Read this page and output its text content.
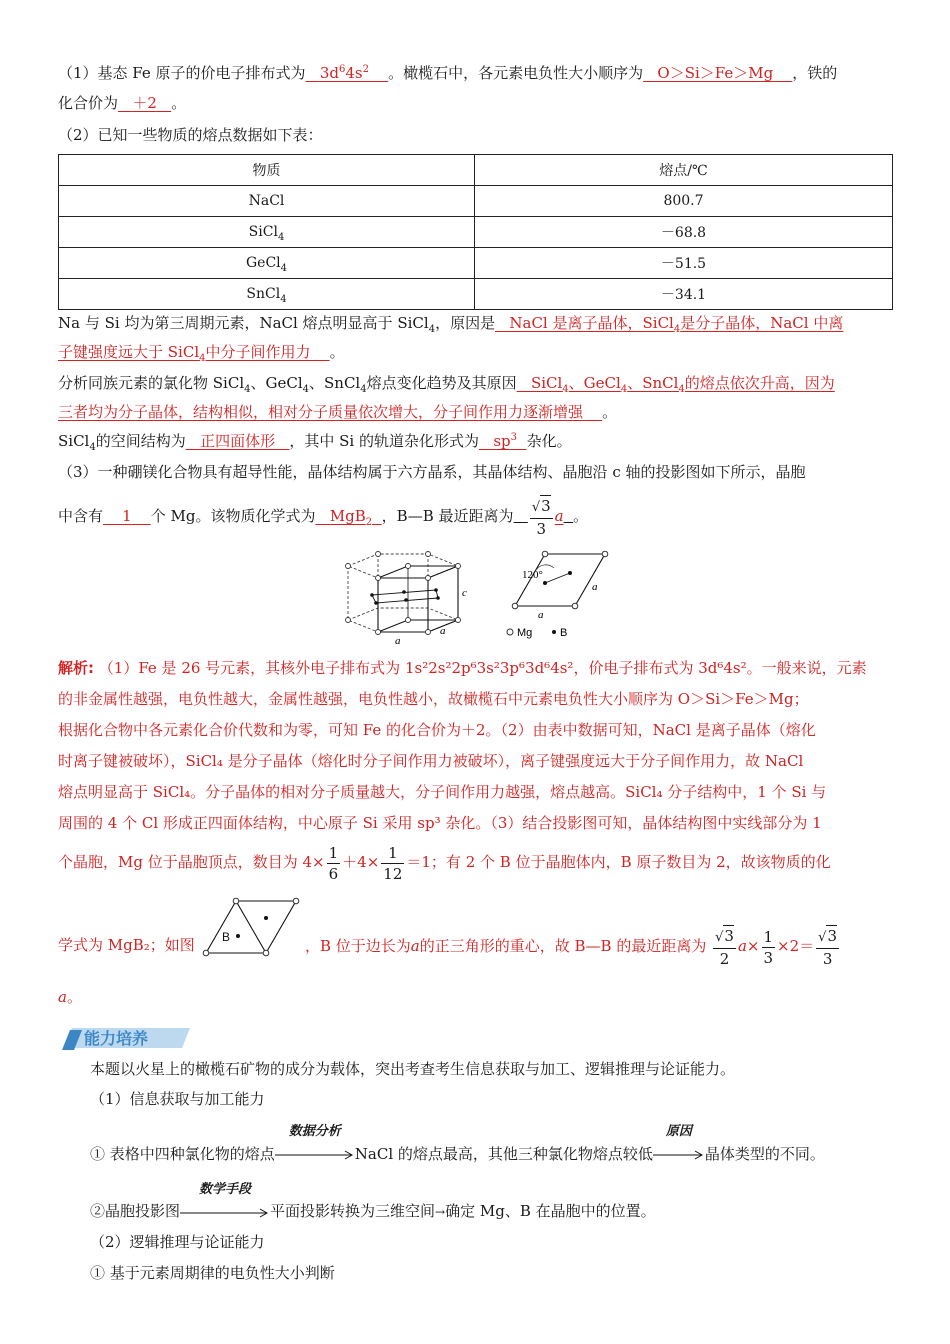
（1）基态 Fe 原子的价电子排布式为 $3d^64s^2$ 。橄榄石中，各元素电负性大小顺序为 O＞Si＞Fe＞Mg ，铁的
化合价为 ＋2 。
（2）已知一些物质的熔点数据如下表：
物质	熔点/℃
NaCl	800.7
SiCl$_4$	－68.8
GeCl$_4$	－51.5
SnCl$_4$	－34.1
Na 与 Si 均为第三周期元素，NaCl 熔点明显高于 SiCl$_4$，原因是 NaCl 是离子晶体，SiCl$_4$是分子晶体，NaCl 中离
子键强度远大于 SiCl$_4$中分子间作用力 。
分析同族元素的氯化物 SiCl$_4$、GeCl$_4$、SnCl$_4$熔点变化趋势及其原因 SiCl$_4$、GeCl$_4$、SnCl$_4$的熔点依次升高，因为
三者均为分子晶体，结构相似，相对分子质量依次增大，分子间作用力逐渐增强 。
SiCl$_4$的空间结构为 正四面体形 ，其中 Si 的轨道杂化形式为 $sp^3$ 杂化。
（3）一种硼镁化合物具有超导性能，晶体结构属于六方晶系，其晶体结构、晶胞沿 c 轴的投影图如下所示，晶胞
中含有 1 个 Mg。该物质化学式为 MgB$_2$ ，B—B 最近距离为 $\frac{√3}{3}$ a 。
c
a
a
120°
a
a
Mg	B
解析: （1）Fe 是 26 号元素，其核外电子排布式为 1s²2s²2p⁶3s²3p⁶3d⁶4s²，价电子排布式为 3d⁶4s²。一般来说，元素
的非金属性越强，电负性越大，金属性越强，电负性越小，故橄榄石中元素电负性大小顺序为 O＞Si＞Fe＞Mg；
根据化合物中各元素化合价代数和为零，可知 Fe 的化合价为＋2。（2）由表中数据可知，NaCl 是离子晶体（熔化
时离子键被破坏），SiCl₄ 是分子晶体（熔化时分子间作用力被破坏），离子键强度远大于分子间作用力，故 NaCl
熔点明显高于 SiCl₄。分子晶体的相对分子质量越大，分子间作用力越强，熔点越高。SiCl₄ 分子结构中，1 个 Si 与
周围的 4 个 Cl 形成正四面体结构，中心原子 Si 采用 sp³ 杂化。（3）结合投影图可知，晶体结构图中实线部分为 1
个晶胞，Mg 位于晶胞顶点，数目为 $4\times \frac{1}{6} +4\times \frac{1}{12} =1$；有 2 个 B 位于晶胞体内，B 原子数目为 2，故该物质的化
B
学式为 MgB₂；如图	，B 位于边长为a的正三角形的重心，故 B—B 的最近距离为 $\frac{√3}{2} a\times \frac{1}{3} \times 2= \frac{√3}{3}$
a。
能力培养
本题以火星上的橄榄石矿物的成分为载体，突出考查考生信息获取与加工、逻辑推理与论证能力。
（1）信息获取与加工能力
① 表格中四种氯化物的熔点
数据分析
NaCl 的熔点最高，其他三种氯化物熔点较低
原因
晶体类型的不同。
②晶胞投影图
数学手段
平面投影转换为三维空间→确定 Mg、B 在晶胞中的位置。
（2）逻辑推理与论证能力
① 基于元素周期律的电负性大小判断
